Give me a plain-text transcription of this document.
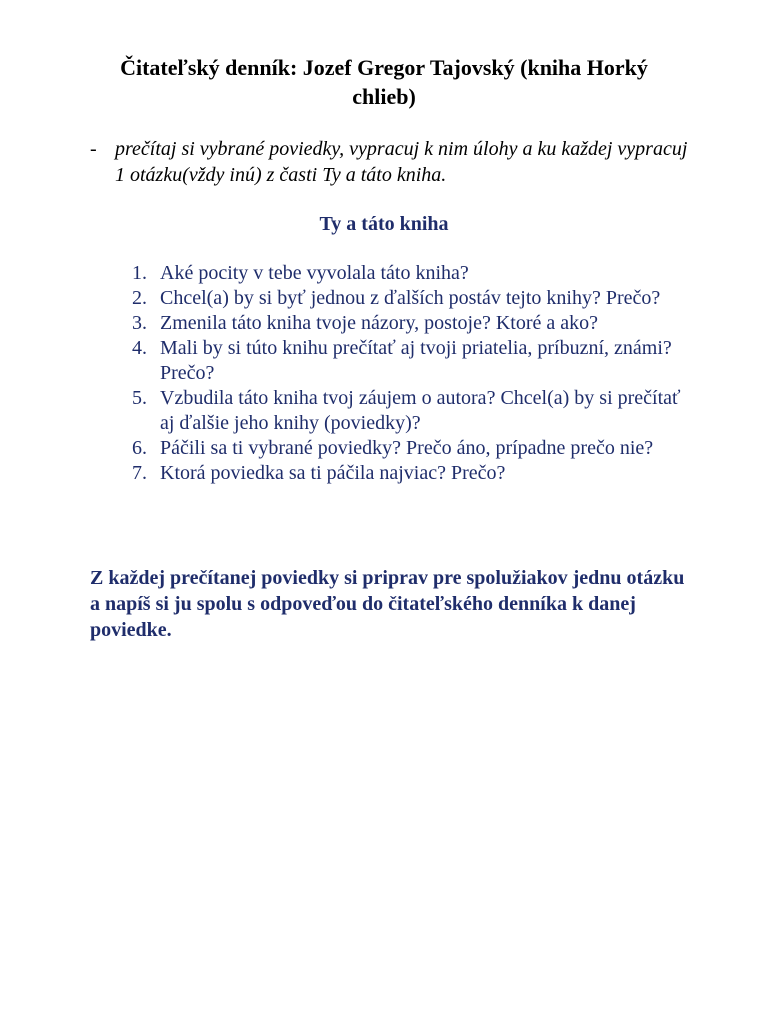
Čitateľský denník: Jozef Gregor Tajovský (kniha Horký chlieb)
- prečítaj si vybrané poviedky, vypracuj k nim úlohy a ku každej vypracuj 1 otázku(vždy inú) z časti Ty a táto kniha.
Ty a táto kniha
1. Aké pocity v tebe vyvolala táto kniha?
2. Chcel(a) by si byť jednou z ďalších postáv tejto knihy? Prečo?
3. Zmenila táto kniha tvoje názory, postoje? Ktoré a ako?
4. Mali by si túto knihu prečítať aj tvoji priatelia, príbuzní, známi? Prečo?
5. Vzbudila táto kniha tvoj záujem o autora? Chcel(a) by si prečítať aj ďalšie jeho knihy (poviedky)?
6. Páčili sa ti vybrané poviedky? Prečo áno, prípadne prečo nie?
7. Ktorá poviedka sa ti páčila najviac? Prečo?
Z každej prečítanej poviedky si priprav pre spolužiakov jednu otázku a napíš si ju spolu s odpoveďou do čitateľského denníka k danej poviedke.
